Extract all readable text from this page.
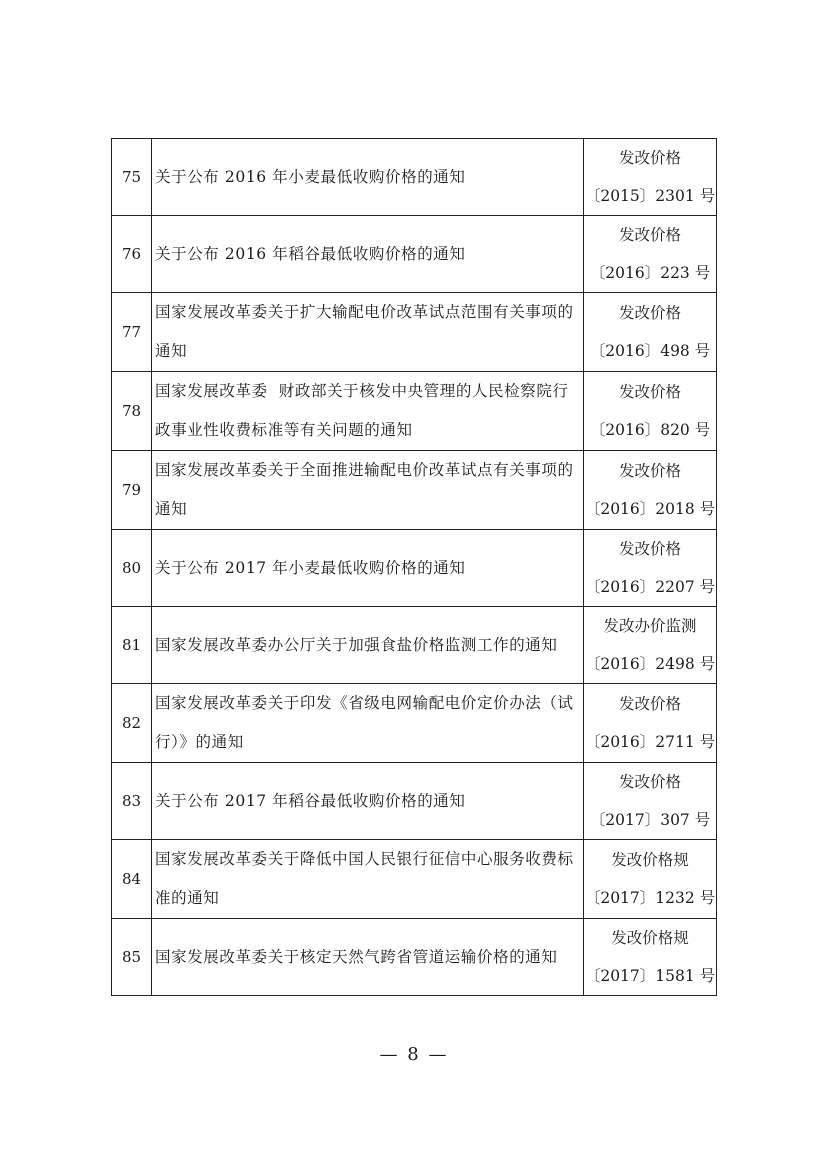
75	关于公布 2016 年小麦最低收购价格的通知	发改价格
〔2015〕2301 号

76	关于公布 2016 年稻谷最低收购价格的通知	发改价格
〔2016〕223 号

77	国家发展改革委关于扩大输配电价改革试点范围有关事项的通知	发改价格
〔2016〕498 号

78	国家发展改革委  财政部关于核发中央管理的人民检察院行政事业性收费标准等有关问题的通知	发改价格
〔2016〕820 号

79	国家发展改革委关于全面推进输配电价改革试点有关事项的通知	发改价格
〔2016〕2018 号

80	关于公布 2017 年小麦最低收购价格的通知	发改价格
〔2016〕2207 号

81	国家发展改革委办公厅关于加强食盐价格监测工作的通知	发改办价监测
〔2016〕2498 号

82	国家发展改革委关于印发《省级电网输配电价定价办法（试行）》的通知	发改价格
〔2016〕2711 号

83	关于公布 2017 年稻谷最低收购价格的通知	发改价格
〔2017〕307 号

84	国家发展改革委关于降低中国人民银行征信中心服务收费标准的通知	发改价格规
〔2017〕1232 号

85	国家发展改革委关于核定天然气跨省管道运输价格的通知	发改价格规
〔2017〕1581 号
— 8 —
